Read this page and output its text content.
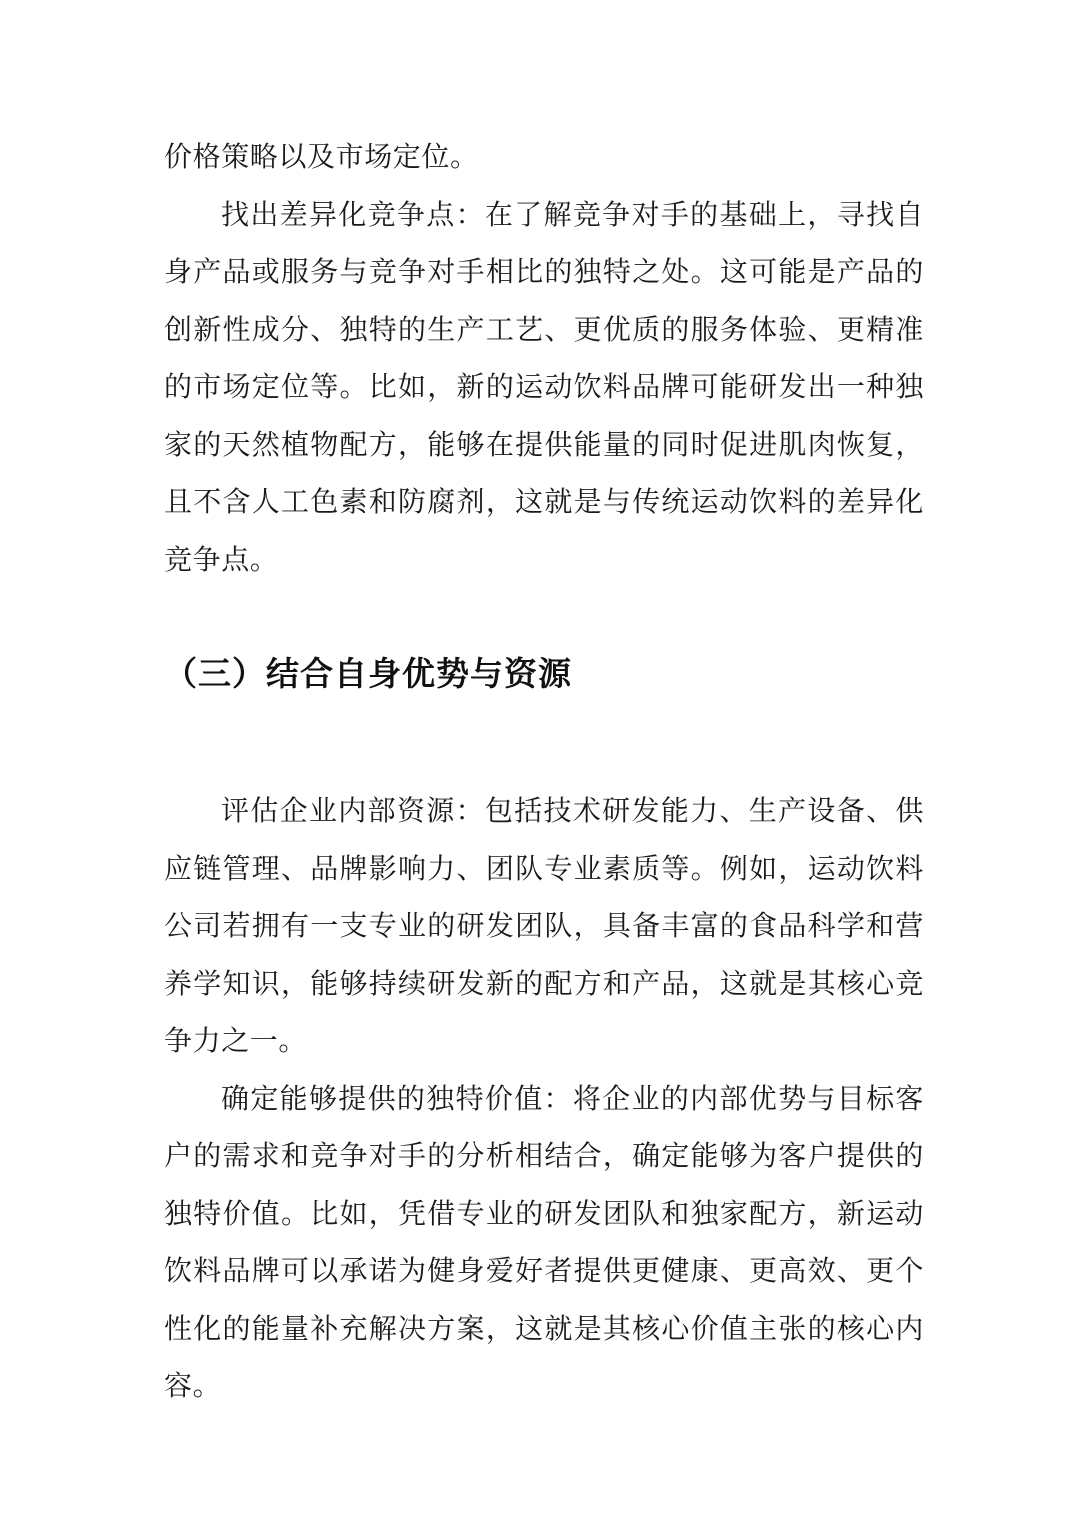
价格策略以及市场定位。

找出差异化竞争点：在了解竞争对手的基础上，寻找自身产品或服务与竞争对手相比的独特之处。这可能是产品的创新性成分、独特的生产工艺、更优质的服务体验、更精准的市场定位等。比如，新的运动饮料品牌可能研发出一种独家的天然植物配方，能够在提供能量的同时促进肌肉恢复，且不含人工色素和防腐剂，这就是与传统运动饮料的差异化竞争点。

（三）结合自身优势与资源

评估企业内部资源：包括技术研发能力、生产设备、供应链管理、品牌影响力、团队专业素质等。例如，运动饮料公司若拥有一支专业的研发团队，具备丰富的食品科学和营养学知识，能够持续研发新的配方和产品，这就是其核心竞争力之一。

确定能够提供的独特价值：将企业的内部优势与目标客户的需求和竞争对手的分析相结合，确定能够为客户提供的独特价值。比如，凭借专业的研发团队和独家配方，新运动饮料品牌可以承诺为健身爱好者提供更健康、更高效、更个性化的能量补充解决方案，这就是其核心价值主张的核心内容。
